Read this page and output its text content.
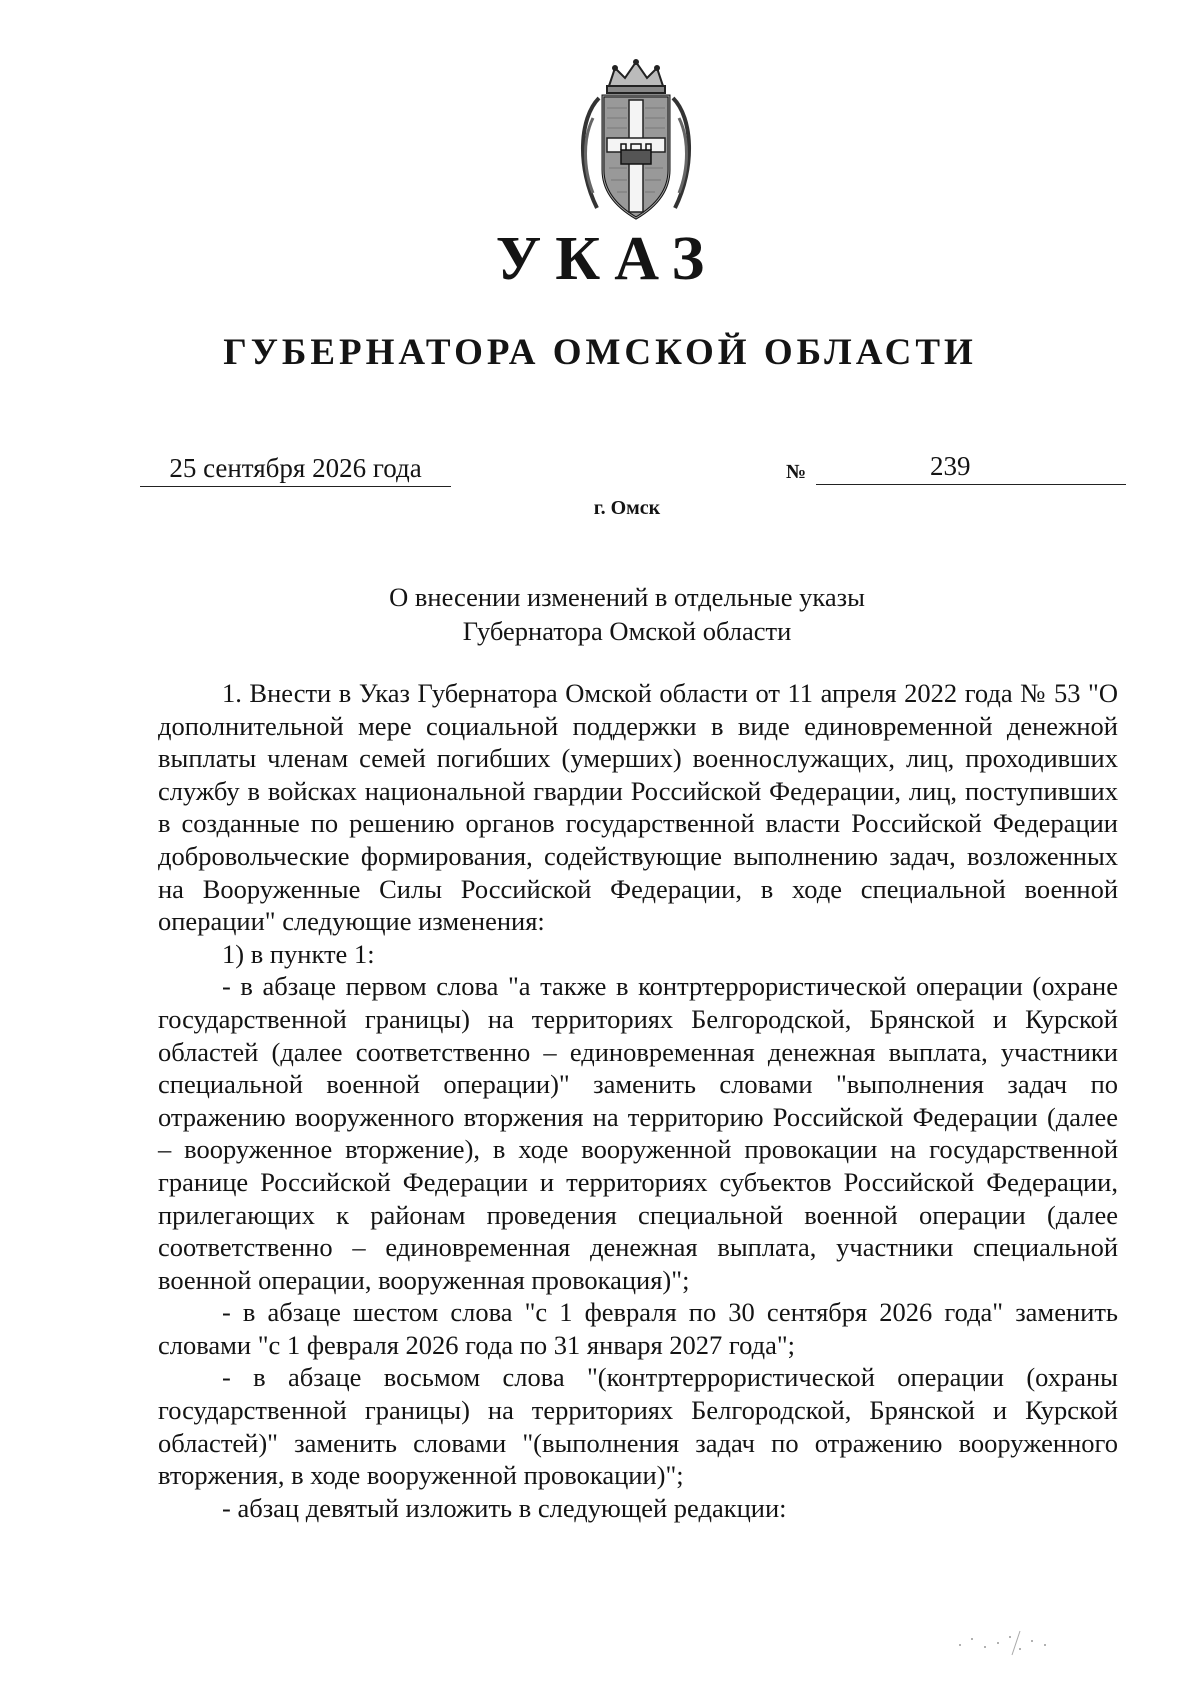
УКАЗ
ГУБЕРНАТОРА ОМСКОЙ ОБЛАСТИ
25 сентября 2026 года	№	239
г. Омск
О внесении изменений в отдельные указы
Губернатора Омской области

1. Внести в Указ Губернатора Омской области от 11 апреля 2022 года № 53 "О дополнительной мере социальной поддержки в виде единовременной денежной выплаты членам семей погибших (умерших) военнослужащих, лиц, проходивших службу в войсках национальной гвардии Российской Федерации, лиц, поступивших в созданные по решению органов государственной власти Российской Федерации добровольческие формирования, содействующие выполнению задач, возложенных на Вооруженные Силы Российской Федерации, в ходе специальной военной операции" следующие изменения:

1) в пункте 1:

- в абзаце первом слова "а также в контртеррористической операции (охране государственной границы) на территориях Белгородской, Брянской и Курской областей (далее соответственно – единовременная денежная выплата, участники специальной военной операции)" заменить словами "выполнения задач по отражению вооруженного вторжения на территорию Российской Федерации (далее – вооруженное вторжение), в ходе вооруженной провокации на государственной границе Российской Федерации и территориях субъектов Российской Федерации, прилегающих к районам проведения специальной военной операции (далее соответственно – единовременная денежная выплата, участники специальной военной операции, вооруженная провокация)";

- в абзаце шестом слова "с 1 февраля по 30 сентября 2026 года" заменить словами "с 1 февраля 2026 года по 31 января 2027 года";

- в абзаце восьмом слова "(контртеррористической операции (охраны государственной границы) на территориях Белгородской, Брянской и Курской областей)" заменить словами "(выполнения задач по отражению вооруженного вторжения, в ходе вооруженной провокации)";

- абзац девятый изложить в следующей редакции:
